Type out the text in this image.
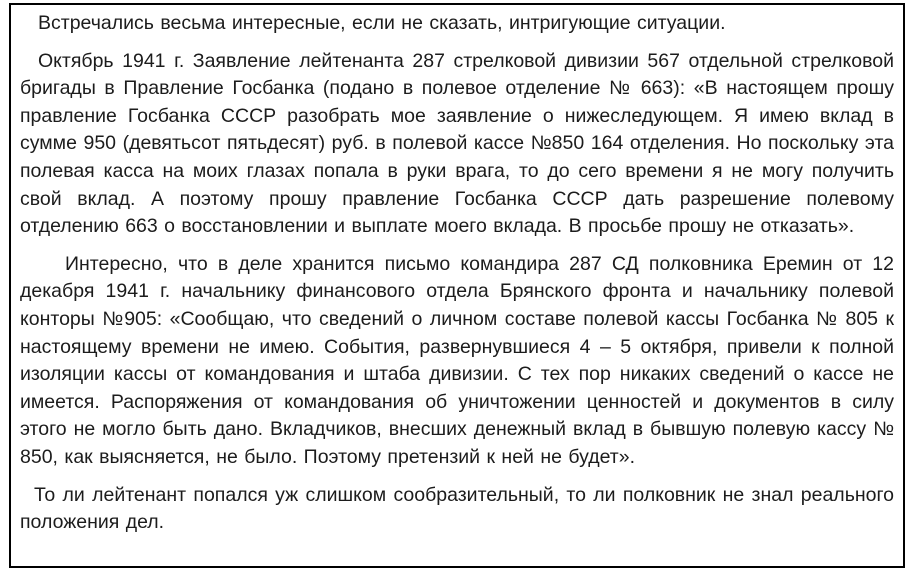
Встречались весьма интересные, если не сказать, интригующие ситуации.

Октябрь 1941 г. Заявление лейтенанта 287 стрелковой дивизии 567 отдельной стрелковой бригады в Правление Госбанка (подано в полевое отделение № 663): «В настоящем прошу правление Госбанка СССР разобрать мое заявление о нижеследующем. Я имею вклад в сумме 950 (девятьсот пятьдесят) руб. в полевой кассе №850 164 отделения. Но поскольку эта полевая касса на моих глазах попала в руки врага, то до сего времени я не могу получить свой вклад. А поэтому прошу правление Госбанка СССР дать разрешение полевому отделению 663 о восстановлении и выплате моего вклада. В просьбе прошу не отказать».

Интересно, что в деле хранится письмо командира 287 СД полковника Еремин от 12 декабря 1941 г. начальнику финансового отдела Брянского фронта и начальнику полевой конторы №905: «Сообщаю, что сведений о личном составе полевой кассы Госбанка № 805 к настоящему времени не имею. События, развернувшиеся 4 – 5 октября, привели к полной изоляции кассы от командования и штаба дивизии. С тех пор никаких сведений о кассе не имеется. Распоряжения от командования об уничтожении ценностей и документов в силу этого не могло быть дано. Вкладчиков, внесших денежный вклад в бывшую полевую кассу № 850, как выясняется, не было. Поэтому претензий к ней не будет».

То ли лейтенант попался уж слишком сообразительный, то ли полковник не знал реального положения дел.
